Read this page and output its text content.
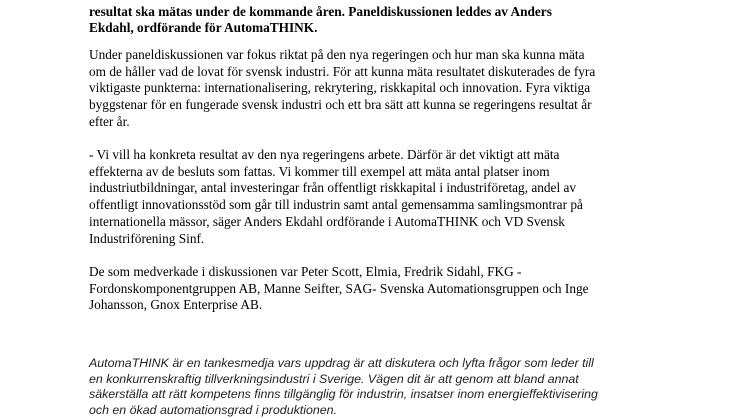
resultat ska mätas under de kommande åren. Paneldiskussionen leddes av Anders
Ekdahl, ordförande för AutomaTHINK.

Under paneldiskussionen var fokus riktat på den nya regeringen och hur man ska kunna mäta
om de håller vad de lovat för svensk industri. För att kunna mäta resultatet diskuterades de fyra
viktigaste punkterna: internationalisering, rekrytering, riskkapital och innovation. Fyra viktiga
byggstenar för en fungerade svensk industri och ett bra sätt att kunna se regeringens resultat år
efter år.

- Vi vill ha konkreta resultat av den nya regeringens arbete. Därför är det viktigt att mäta
effekterna av de besluts som fattas. Vi kommer till exempel att mäta antal platser inom
industriutbildningar, antal investeringar från offentligt riskkapital i industriföretag, andel av
offentligt innovationsstöd som går till industrin samt antal gemensamma samlingsmontrar på
internationella mässor, säger Anders Ekdahl ordförande i AutomaTHINK och VD Svensk
Industriförening Sinf.

De som medverkade i diskussionen var Peter Scott, Elmia, Fredrik Sidahl, FKG -
Fordonskomponentgruppen AB, Manne Seifter, SAG- Svenska Automationsgruppen och Inge
Johansson, Gnox Enterprise AB.

AutomaTHINK är en tankesmedja vars uppdrag är att diskutera och lyfta frågor som leder till
en konkurrenskraftig tillverkningsindustri i Sverige. Vägen dit är att genom att bland annat
säkerställa att rätt kompetens finns tillgänglig för industrin, insatser inom energieffektivisering
och en ökad automationsgrad i produktionen.
